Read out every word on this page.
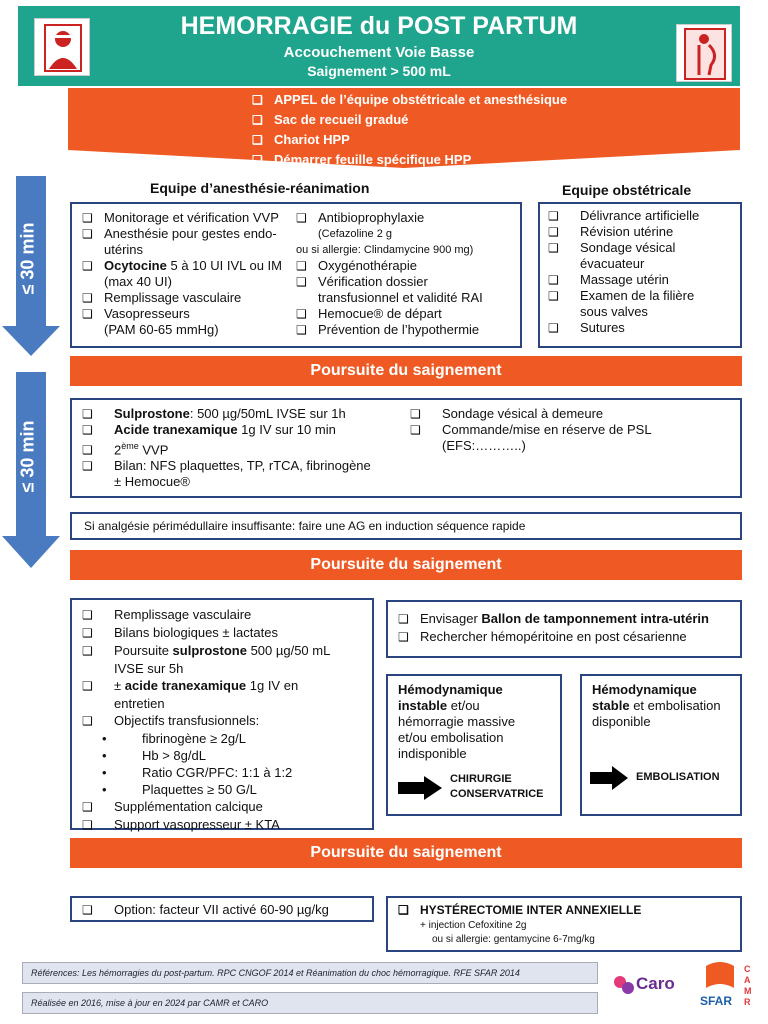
HEMORRAGIE du POST PARTUM
Accouchement Voie Basse
Saignement > 500 mL
❑ APPEL de l’équipe obstétricale et anesthésique
❑ Sac de recueil gradué
❑ Chariot HPP
❑ Démarrer feuille spécifique HPP
≤ 30 min
≤ 30 min
Equipe d’anesthésie-réanimation	Equipe obstétricale
❑ Monitorage et vérification VVP
❑ Anesthésie pour gestes endo-
utérins
❑ Ocytocine 5 à 10 UI IVL ou IM
(max 40 UI)
❑ Remplissage vasculaire
❑ Vasopresseurs
(PAM 60-65 mmHg)
❑ Antibioprophylaxie
(Cefazoline 2 g
ou si allergie: Clindamycine 900 mg)
❑ Oxygénothérapie
❑ Vérification dossier
transfusionnel et validité RAI
❑ Hemocue® de départ
❑ Prévention de l’hypothermie
❑ Délivrance artificielle
❑ Révision utérine
❑ Sondage vésical
évacuateur
❑ Massage utérin
❑ Examen de la filière
sous valves
❑ Sutures
Poursuite du saignement
❑Sulprostone: 500 µg/50mL IVSE sur 1h
❑Acide tranexamique 1g IV sur 10 min
❑2ème VVP
❑Bilan: NFS plaquettes, TP, rTCA, fibrinogène
± Hemocue®
❑Sondage vésical à demeure
❑Commande/mise en réserve de PSL
(EFS:………..)
Si analgésie périmédullaire insuffisante: faire une AG en induction séquence rapide
Poursuite du saignement
❑Remplissage vasculaire
❑Bilans biologiques ± lactates
❑Poursuite sulprostone 500 µg/50 mL
IVSE sur 5h
❑± acide tranexamique 1g IV en
entretien
❑Objectifs transfusionnels:
• fibrinogène ≥ 2g/L
• Hb > 8g/dL
• Ratio CGR/PFC: 1:1 à 1:2
• Plaquettes ≥ 50 G/L
❑Supplémentation calcique
❑Support vasopresseur ± KTA
❑ Envisager Ballon de tamponnement intra-utérin
❑ Rechercher hémopéritoine en post césarienne
Hémodynamique
instable et/ou
hémorragie massive
et/ou embolisation
indisponible
CHIRURGIE
CONSERVATRICE
Hémodynamique
stable et embolisation
disponible
EMBOLISATION
Poursuite du saignement
❑Option: facteur VII activé 60-90 µg/kg
❑	HYSTÉRECTOMIE INTER ANNEXIELLE
+ injection Cefoxitine 2g
ou si allergie: gentamycine 6-7mg/kg
Références: Les hémorragies du post-partum. RPC CNGOF 2014 et Réanimation du choc hémorragique. RFE SFAR 2014
Réalisée en 2016, mise à jour en 2024 par CAMR et CARO
Caro
SFAR
CAMR
